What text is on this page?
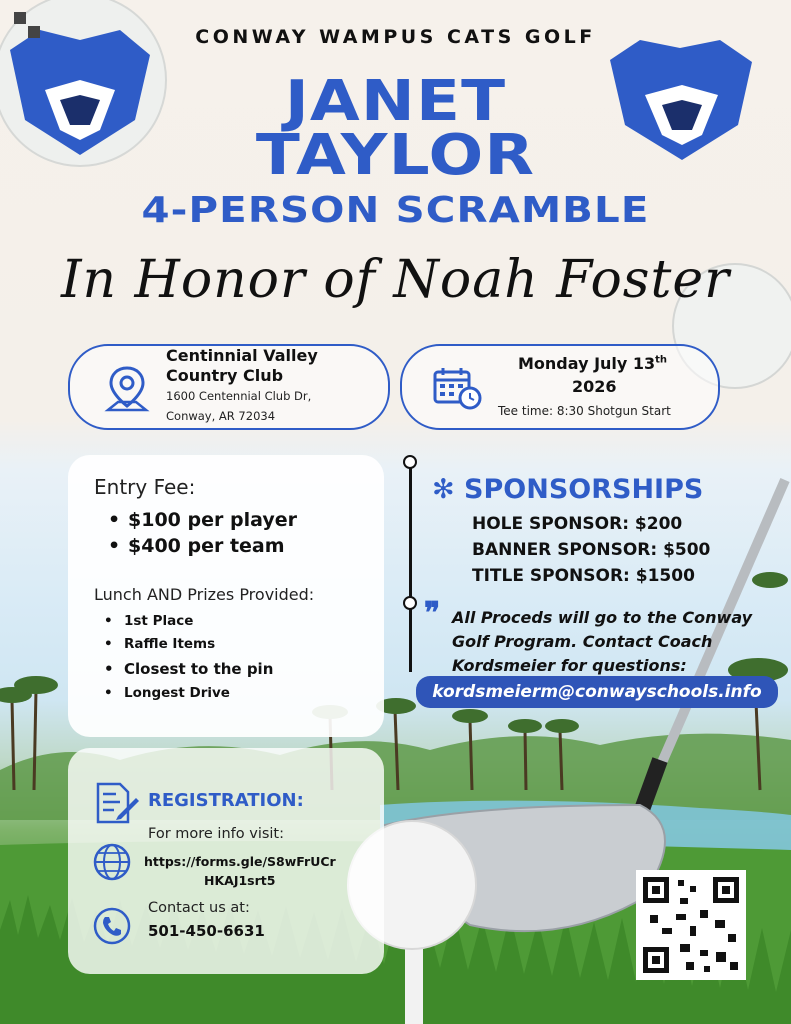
CONWAY WAMPUS CATS GOLF
JANET
TAYLOR
4-PERSON SCRAMBLE
In Honor of Noah Foster
Centinnial Valley
Country Club
1600 Centennial Club Dr,
Conway, AR 72034
Monday July 13th
2026
Tee time: 8:30 Shotgun Start
Entry Fee:
• $100 per player
• $400 per team
Lunch AND Prizes Provided:
• 1st Place
• Raffle Items
• Closest to the pin
• Longest Drive
✻ SPONSORSHIPS
HOLE SPONSOR: $200
BANNER SPONSOR: $500
TITLE SPONSOR: $1500
❞ All Proceds will go to the Conway
Golf Program. Contact Coach
Kordsmeier for questions:
kordsmeierm@conwayschools.info
REGISTRATION:
For more info visit:
https://forms.gle/S8wFrUCr
HKAJ1srt5
Contact us at:
501-450-6631
